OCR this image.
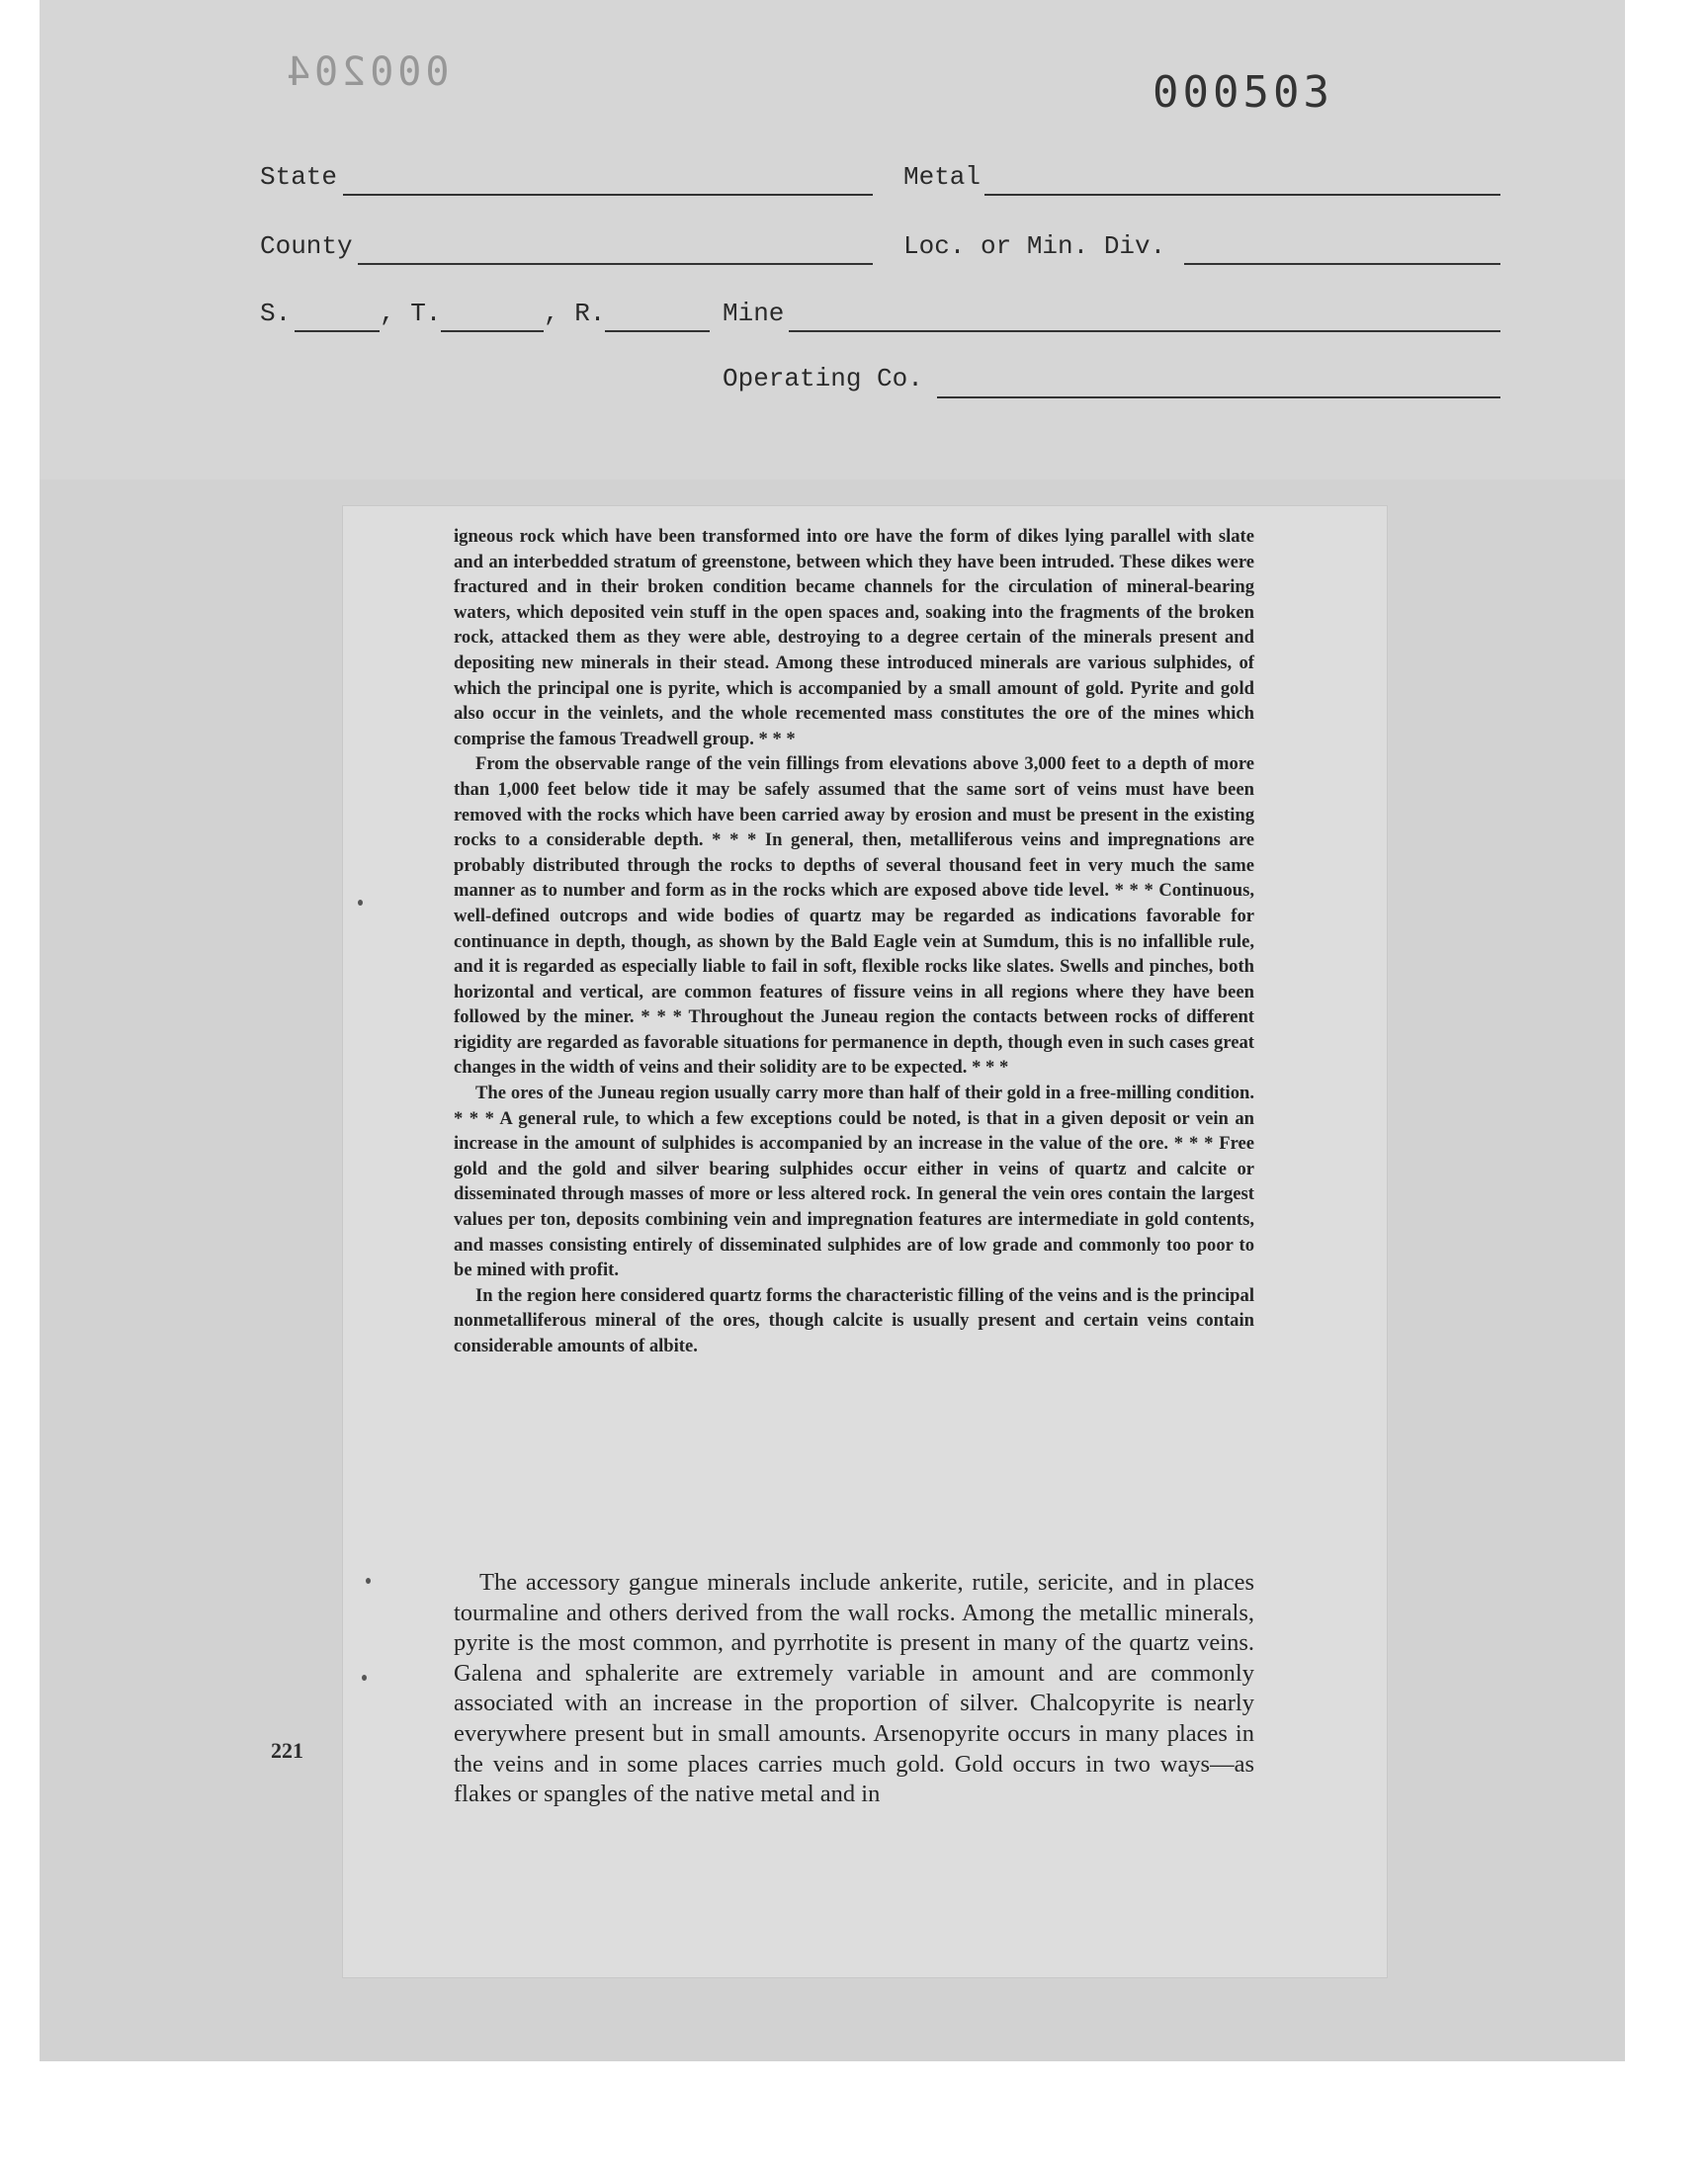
000204	000503
State	Metal
County	Loc. or Min. Div.
S.	, T.	, R.	Mine
Operating Co.

igneous rock which have been transformed into ore have the form of dikes lying parallel with slate and an interbedded stratum of greenstone, between which they have been intruded. These dikes were fractured and in their broken condition became channels for the circulation of mineral-bearing waters, which deposited vein stuff in the open spaces and, soaking into the fragments of the broken rock, attacked them as they were able, destroying to a degree certain of the minerals present and depositing new minerals in their stead. Among these introduced minerals are various sulphides, of which the principal one is pyrite, which is accompanied by a small amount of gold. Pyrite and gold also occur in the veinlets, and the whole recemented mass constitutes the ore of the mines which comprise the famous Treadwell group. * * *

From the observable range of the vein fillings from elevations above 3,000 feet to a depth of more than 1,000 feet below tide it may be safely assumed that the same sort of veins must have been removed with the rocks which have been carried away by erosion and must be present in the existing rocks to a considerable depth. * * * In general, then, metalliferous veins and impregnations are probably distributed through the rocks to depths of several thousand feet in very much the same manner as to number and form as in the rocks which are exposed above tide level. * * * Continuous, well-defined outcrops and wide bodies of quartz may be regarded as indications favorable for continuance in depth, though, as shown by the Bald Eagle vein at Sumdum, this is no infallible rule, and it is regarded as especially liable to fail in soft, flexible rocks like slates. Swells and pinches, both horizontal and vertical, are common features of fissure veins in all regions where they have been followed by the miner. * * * Throughout the Juneau region the contacts between rocks of different rigidity are regarded as favorable situations for permanence in depth, though even in such cases great changes in the width of veins and their solidity are to be expected. * * *

The ores of the Juneau region usually carry more than half of their gold in a free-milling condition. * * * A general rule, to which a few exceptions could be noted, is that in a given deposit or vein an increase in the amount of sulphides is accompanied by an increase in the value of the ore. * * * Free gold and the gold and silver bearing sulphides occur either in veins of quartz and calcite or disseminated through masses of more or less altered rock. In general the vein ores contain the largest values per ton, deposits combining vein and impregnation features are intermediate in gold contents, and masses consisting entirely of disseminated sulphides are of low grade and commonly too poor to be mined with profit.

In the region here considered quartz forms the characteristic filling of the veins and is the principal nonmetalliferous mineral of the ores, though calcite is usually present and certain veins contain considerable amounts of albite.

The accessory gangue minerals include ankerite, rutile, sericite, and in places tourmaline and others derived from the wall rocks. Among the metallic minerals, pyrite is the most common, and pyrrhotite is present in many of the quartz veins. Galena and sphalerite are extremely variable in amount and are commonly associated with an increase in the proportion of silver. Chalcopyrite is nearly everywhere present but in small amounts. Arsenopyrite occurs in many places in the veins and in some places carries much gold. Gold occurs in two ways—as flakes or spangles of the native metal and in

221
